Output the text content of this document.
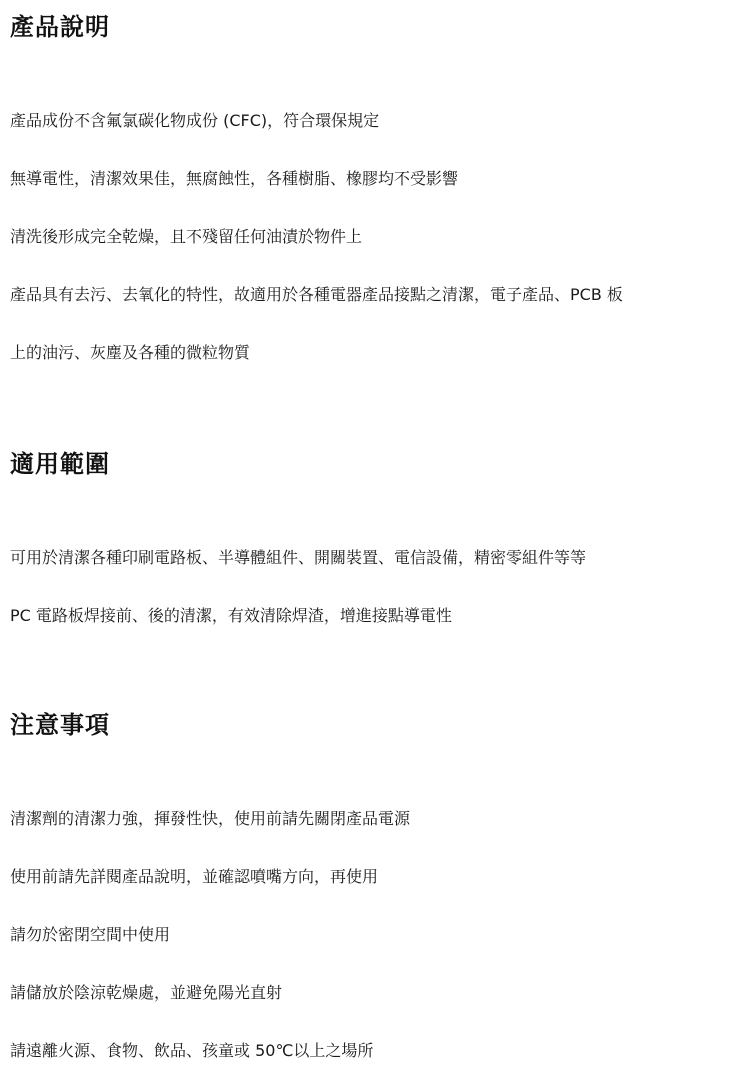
產品說明

產品成份不含氟氯碳化物成份 (CFC)，符合環保規定

無導電性，清潔效果佳，無腐蝕性，各種樹脂、橡膠均不受影響

清洗後形成完全乾燥，且不殘留任何油漬於物件上

產品具有去污、去氧化的特性，故適用於各種電器產品接點之清潔，電子產品、PCB 板

上的油污、灰塵及各種的微粒物質

適用範圍

可用於清潔各種印刷電路板、半導體組件、開關裝置、電信設備，精密零組件等等

PC 電路板焊接前、後的清潔，有效清除焊渣，增進接點導電性

注意事項

清潔劑的清潔力強，揮發性快，使用前請先關閉產品電源

使用前請先詳閱產品說明，並確認噴嘴方向，再使用

請勿於密閉空間中使用

請儲放於陰涼乾燥處，並避免陽光直射

請遠離火源、食物、飲品、孩童或 50℃以上之場所
